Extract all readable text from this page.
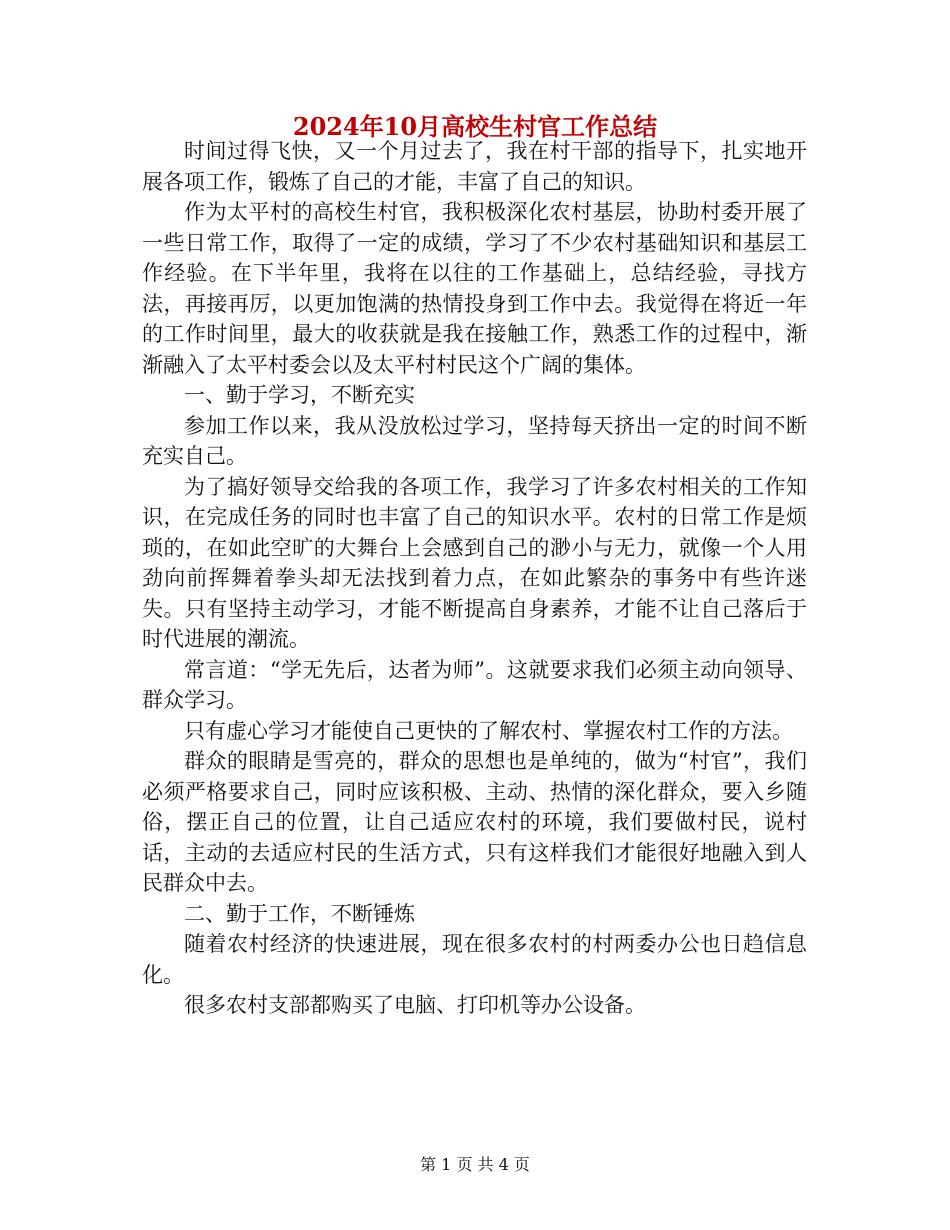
2024年10月高校生村官工作总结

时间过得飞快，又一个月过去了，我在村干部的指导下，扎实地开展各项工作，锻炼了自己的才能，丰富了自己的知识。

作为太平村的高校生村官，我积极深化农村基层，协助村委开展了一些日常工作，取得了一定的成绩，学习了不少农村基础知识和基层工作经验。在下半年里，我将在以往的工作基础上，总结经验，寻找方法，再接再厉，以更加饱满的热情投身到工作中去。我觉得在将近一年的工作时间里，最大的收获就是我在接触工作，熟悉工作的过程中，渐渐融入了太平村委会以及太平村村民这个广阔的集体。

一、勤于学习，不断充实

参加工作以来，我从没放松过学习，坚持每天挤出一定的时间不断充实自己。

为了搞好领导交给我的各项工作，我学习了许多农村相关的工作知识，在完成任务的同时也丰富了自己的知识水平。农村的日常工作是烦琐的，在如此空旷的大舞台上会感到自己的渺小与无力，就像一个人用劲向前挥舞着拳头却无法找到着力点，在如此繁杂的事务中有些许迷失。只有坚持主动学习，才能不断提高自身素养，才能不让自己落后于时代进展的潮流。

常言道：“学无先后，达者为师”。这就要求我们必须主动向领导、群众学习。

只有虚心学习才能使自己更快的了解农村、掌握农村工作的方法。

群众的眼睛是雪亮的，群众的思想也是单纯的，做为“村官”，我们必须严格要求自己，同时应该积极、主动、热情的深化群众，要入乡随俗，摆正自己的位置，让自己适应农村的环境，我们要做村民，说村话，主动的去适应村民的生活方式，只有这样我们才能很好地融入到人民群众中去。

二、勤于工作，不断锤炼

随着农村经济的快速进展，现在很多农村的村两委办公也日趋信息化。

很多农村支部都购买了电脑、打印机等办公设备。

第 1 页 共 4 页
